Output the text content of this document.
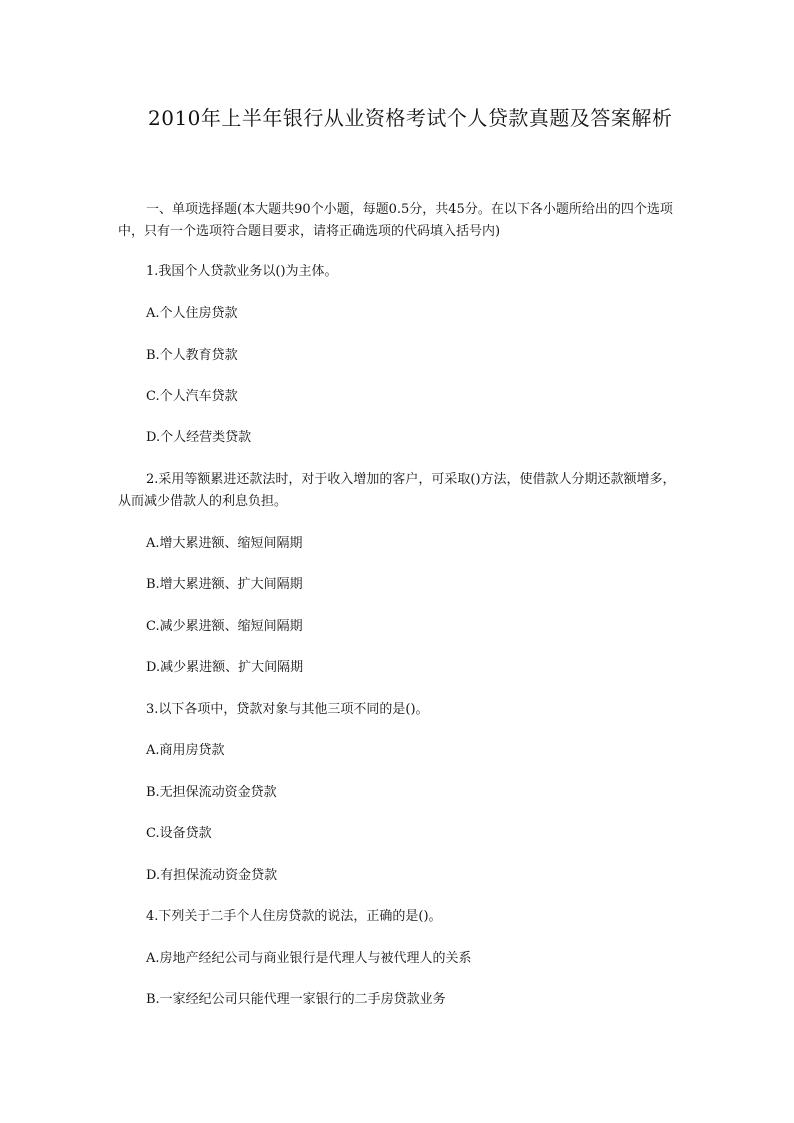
2010年上半年银行从业资格考试个人贷款真题及答案解析
一、单项选择题(本大题共90个小题，每题0.5分，共45分。在以下各小题所给出的四个选项中，只有一个选项符合题目要求，请将正确选项的代码填入括号内)
1.我国个人贷款业务以()为主体。
A.个人住房贷款
B.个人教育贷款
C.个人汽车贷款
D.个人经营类贷款
2.采用等额累进还款法时，对于收入增加的客户，可采取()方法，使借款人分期还款额增多，从而减少借款人的利息负担。
A.增大累进额、缩短间隔期
B.增大累进额、扩大间隔期
C.减少累进额、缩短间隔期
D.减少累进额、扩大间隔期
3.以下各项中，贷款对象与其他三项不同的是()。
A.商用房贷款
B.无担保流动资金贷款
C.设备贷款
D.有担保流动资金贷款
4.下列关于二手个人住房贷款的说法，正确的是()。
A.房地产经纪公司与商业银行是代理人与被代理人的关系
B.一家经纪公司只能代理一家银行的二手房贷款业务
